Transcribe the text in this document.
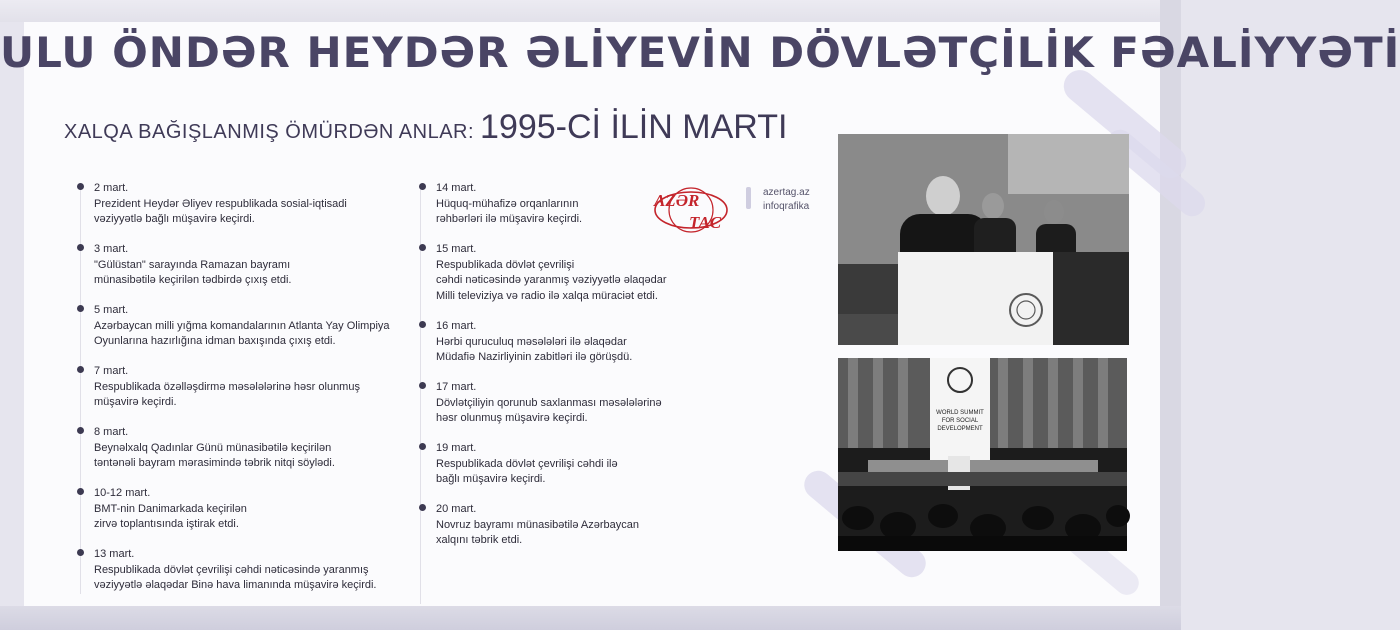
ULU ÖNDƏR HEYDƏR ƏLİYEVİN DÖVLƏTÇİLİK FƏALİYYƏTİ
XALQA BAĞIŞLANMIŞ ÖMÜRDƏN ANLAR: 1995-Cİ İLİN MARTI
2 mart.
Prezident Heydər Əliyev respublikada sosial-iqtisadi
vəziyyətlə bağlı müşavirə keçirdi.
3 mart.
"Gülüstan" sarayında Ramazan bayramı
münasibətilə keçirilən tədbirdə çıxış etdi.
5 mart.
Azərbaycan milli yığma komandalarının Atlanta Yay Olimpiya
Oyunlarına hazırlığına idman baxışında çıxış etdi.
7 mart.
Respublikada özəlləşdirmə məsələlərinə həsr olunmuş
müşavirə keçirdi.
8 mart.
Beynəlxalq Qadınlar Günü münasibətilə keçirilən
təntənəli bayram mərasimində təbrik nitqi söylədi.
10-12 mart.
BMT-nin Danimarkada keçirilən
zirvə toplantısında iştirak etdi.
13 mart.
Respublikada dövlət çevrilişi cəhdi nəticəsində yaranmış
vəziyyətlə əlaqədar Binə hava limanında müşavirə keçirdi.
14 mart.
Hüquq-mühafizə orqanlarının
rəhbərləri ilə müşavirə keçirdi.
15 mart.
Respublikada dövlət çevrilişi
cəhdi nəticəsində yaranmış vəziyyətlə əlaqədar
Milli televiziya və radio ilə xalqa müraciət etdi.
16 mart.
Hərbi quruculuq məsələləri ilə əlaqədar
Müdafiə Nazirliyinin zabitləri ilə görüşdü.
17 mart.
Dövlətçiliyin qorunub saxlanması məsələlərinə
həsr olunmuş müşavirə keçirdi.
19 mart.
Respublikada dövlət çevrilişi cəhdi ilə
bağlı müşavirə keçirdi.
20 mart.
Novruz bayramı münasibətilə Azərbaycan
xalqını təbrik etdi.
AZƏR
TAC
azertag.az
infoqrafika
WORLD SUMMIT
FOR SOCIAL
DEVELOPMENT
